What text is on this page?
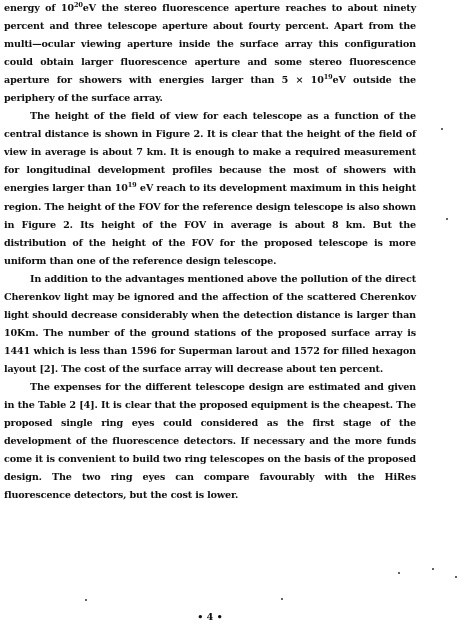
energy of $10^{20}eV$ the stereo fluorescence aperture reaches to about ninety percent and three telescope aperture about fourty percent. Apart from the multi—ocular viewing aperture inside the surface array this configuration could obtain larger fluorescence aperture and some stereo fluorescence aperture for showers with energies larger than $5 \times 10^{19}eV$ outside the periphery of the surface array.

The height of the field of view for each telescope as a function of the central distance is shown in Figure 2. It is clear that the height of the field of view in average is about 7 km. It is enough to make a required measurement for longitudinal development profiles because the most of showers with energies larger than $10^{19}$ eV reach to its development maximum in this height region. The height of the FOV for the reference design telescope is also shown in Figure 2. Its height of the FOV in average is about 8 km. But the distribution of the height of the FOV for the proposed telescope is more uniform than one of the reference design telescope.

In addition to the advantages mentioned above the pollution of the direct Cherenkov light may be ignored and the affection of the scattered Cherenkov light should decrease considerably when the detection distance is larger than 10Km. The number of the ground stations of the proposed surface array is 1441 which is less than 1596 for Superman larout and 1572 for filled hexagon layout [2]. The cost of the surface array will decrease about ten percent.

The expenses for the different telescope design are estimated and given in the Table 2 [4]. It is clear that the proposed equipment is the cheapest. The proposed single ring eyes could considered as the first stage of the development of the fluorescence detectors. If necessary and the more funds come it is convenient to build two ring telescopes on the basis of the proposed design. The two ring eyes can compare favourably with the HiRes fluorescence detectors, but the cost is lower.

• 4 •
